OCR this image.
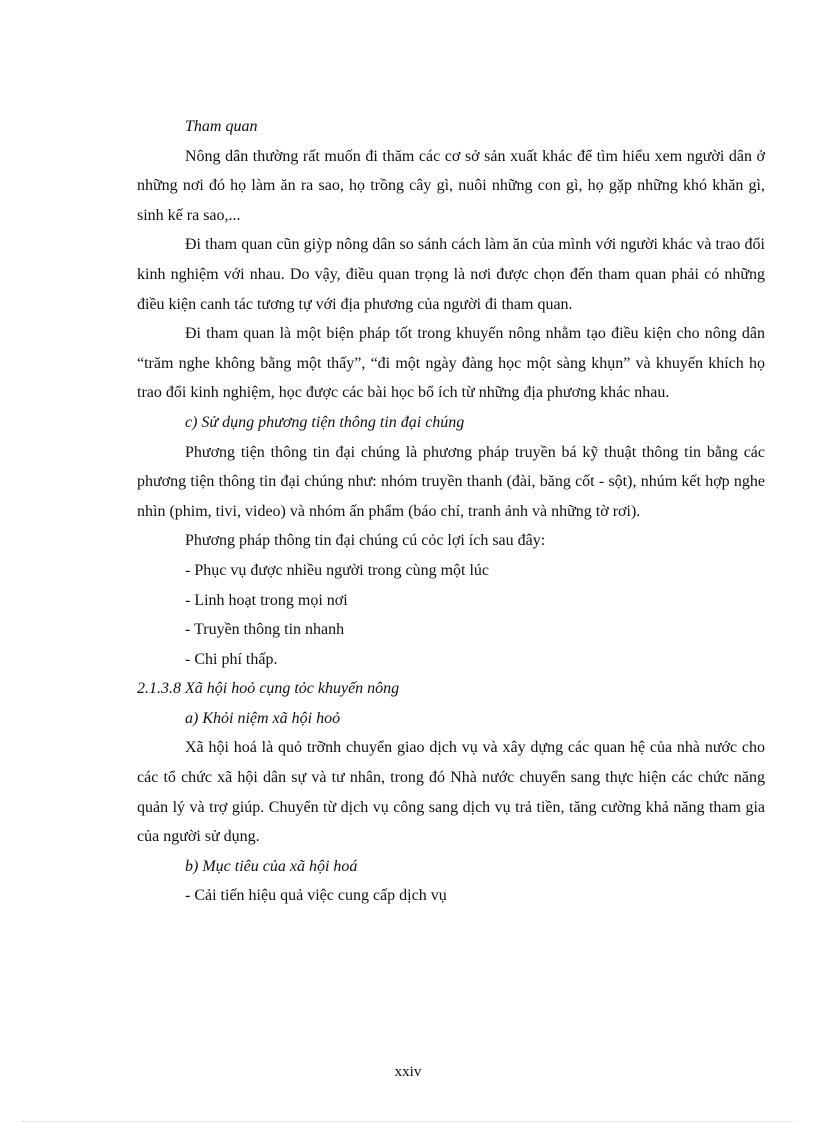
Tham quan

Nông dân thường rất muốn đi thăm các cơ sở sản xuất khác để tìm hiểu xem người dân ở những nơi đó họ làm ăn ra sao, họ trồng cây gì, nuôi những con gì, họ gặp những khó khăn gì, sinh kế ra sao,...

Đi tham quan cũn giỳp nông dân so sánh cách làm ăn của mình với người khác và trao đổi kinh nghiệm với nhau. Do vậy, điều quan trọng là nơi được chọn đến tham quan phải có những điều kiện canh tác tương tự với địa phương của người đi tham quan.

Đi tham quan là một biện pháp tốt trong khuyến nông nhằm tạo điều kiện cho nông dân “trăm nghe không bằng một thấy”, “đi một ngày đàng học một sàng khụn” và khuyến khích họ trao đổi kinh nghiệm, học được các bài học bổ ích từ những địa phương khác nhau.

c) Sử dụng phương tiện thông tin đại chúng

Phương tiện thông tin đại chúng là phương pháp truyền bá kỹ thuật thông tin bằng các phương tiện thông tin đại chúng như: nhóm truyền thanh (đài, băng cốt - sột), nhúm kết hợp nghe nhìn (phim, tivi, video) và nhóm ấn phẩm (báo chí, tranh ảnh và những tờ rơi).

Phương pháp thông tin đại chúng cú cỏc lợi ích sau đây:

- Phục vụ được nhiều người trong cùng một lúc

- Linh hoạt trong mọi nơi

- Truyền thông tin nhanh

- Chi phí thấp.

2.1.3.8 Xã hội hoỏ cụng tỏc khuyến nông

a) Khỏi niệm xã hội hoỏ

Xã hội hoá là quỏ trỡnh chuyển giao dịch vụ và xây dựng các quan hệ của nhà nước cho các tổ chức xã hội dân sự và tư nhân, trong đó Nhà nước chuyển sang thực hiện các chức năng quản lý và trợ giúp. Chuyển từ dịch vụ công sang dịch vụ trả tiền, tăng cường khả năng tham gia của người sử dụng.

b) Mục tiêu của xã hội hoá

- Cải tiến hiệu quả việc cung cấp dịch vụ

xxiv
